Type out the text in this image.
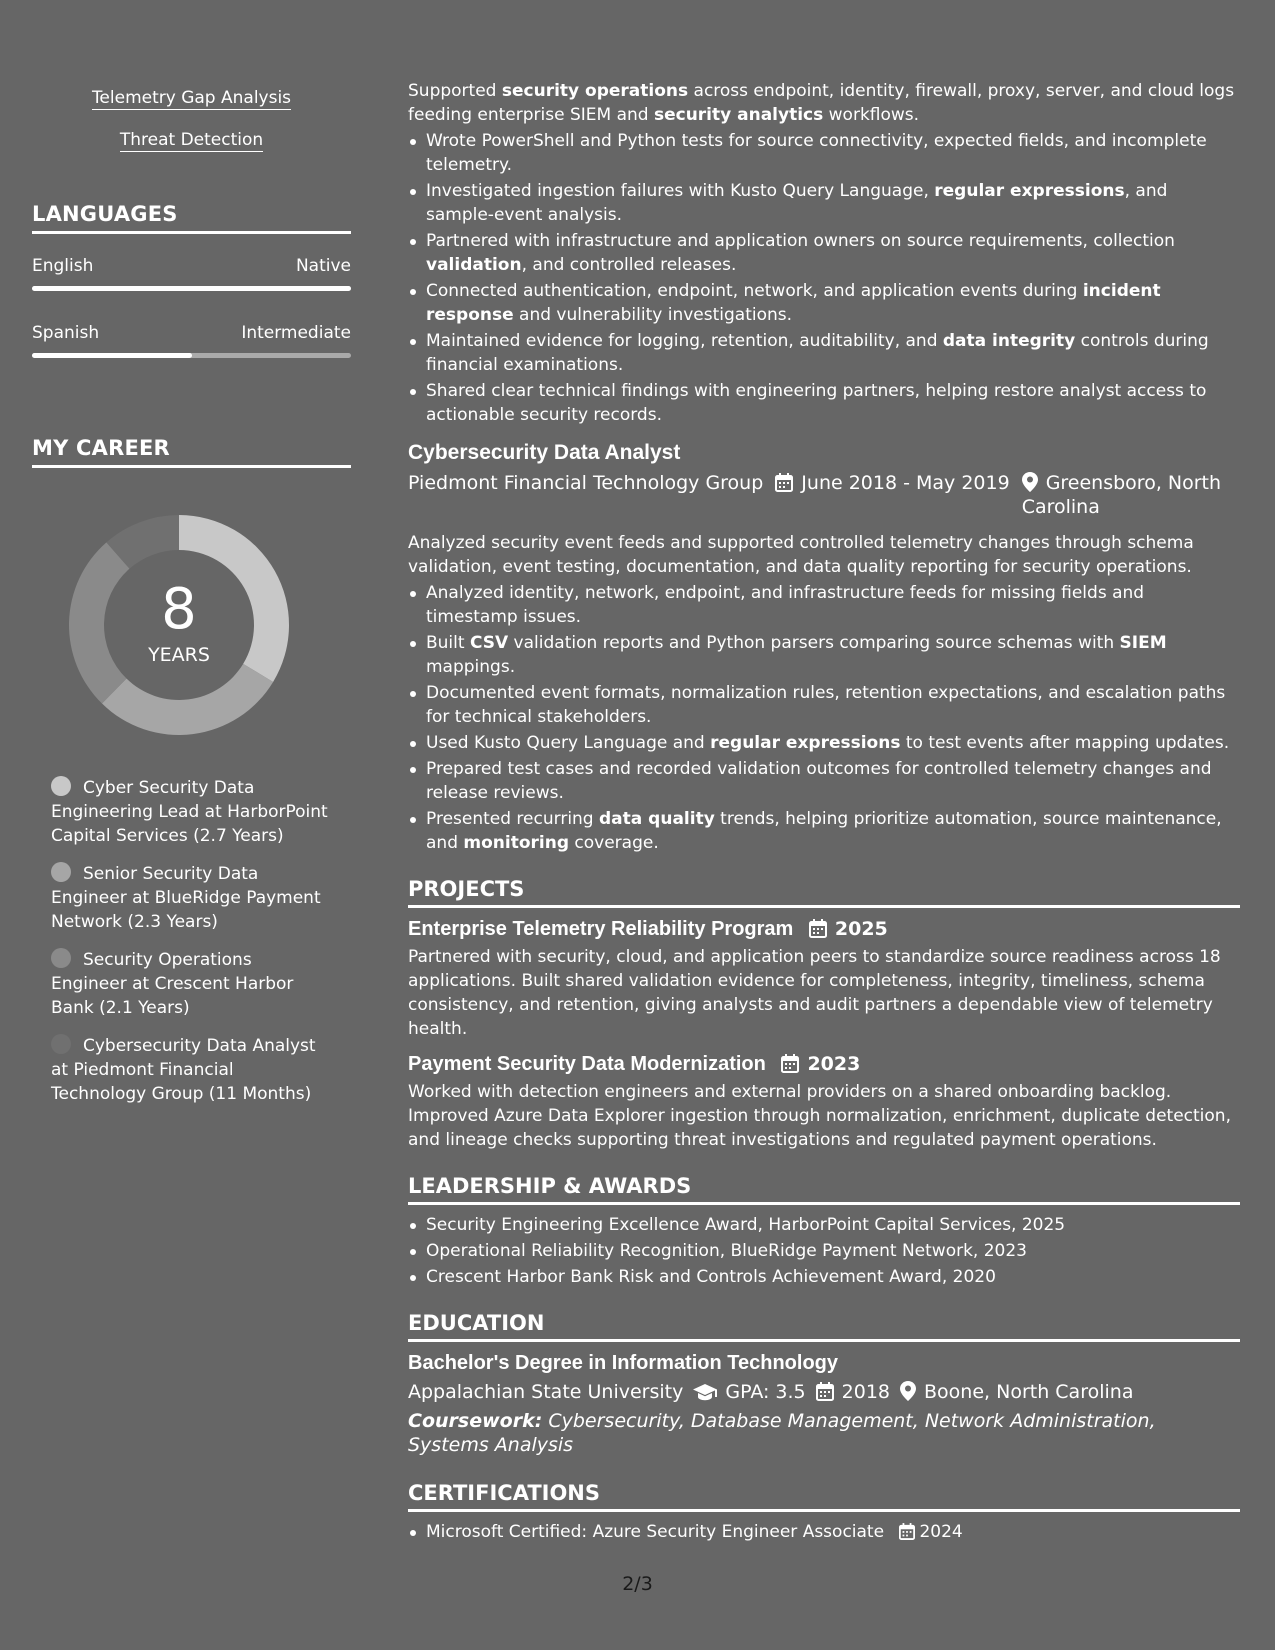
Telemetry Gap Analysis
Threat Detection
LANGUAGES
English	Native
Spanish	Intermediate
MY CAREER
8
YEARS
Cyber Security Data Engineering Lead at HarborPoint Capital Services (2.7 Years)
Senior Security Data Engineer at BlueRidge Payment Network (2.3 Years)
Security Operations Engineer at Crescent Harbor Bank (2.1 Years)
Cybersecurity Data Analyst at Piedmont Financial Technology Group (11 Months)

Supported security operations across endpoint, identity, firewall, proxy, server, and cloud logs feeding enterprise SIEM and security analytics workflows.

Wrote PowerShell and Python tests for source connectivity, expected fields, and incomplete telemetry.
Investigated ingestion failures with Kusto Query Language, regular expressions, and sample-event analysis.
Partnered with infrastructure and application owners on source requirements, collection validation, and controlled releases.
Connected authentication, endpoint, network, and application events during incident response and vulnerability investigations.
Maintained evidence for logging, retention, auditability, and data integrity controls during financial examinations.
Shared clear technical findings with engineering partners, helping restore analyst access to actionable security records.
Cybersecurity Data Analyst
Piedmont Financial Technology Group	June 2018 - May 2019	Greensboro, North Carolina

Analyzed security event feeds and supported controlled telemetry changes through schema validation, event testing, documentation, and data quality reporting for security operations.

Analyzed identity, network, endpoint, and infrastructure feeds for missing fields and timestamp issues.
Built CSV validation reports and Python parsers comparing source schemas with SIEM mappings.
Documented event formats, normalization rules, retention expectations, and escalation paths for technical stakeholders.
Used Kusto Query Language and regular expressions to test events after mapping updates.
Prepared test cases and recorded validation outcomes for controlled telemetry changes and release reviews.
Presented recurring data quality trends, helping prioritize automation, source maintenance, and monitoring coverage.
PROJECTS
Enterprise Telemetry Reliability Program 2025

Partnered with security, cloud, and application peers to standardize source readiness across 18 applications. Built shared validation evidence for completeness, integrity, timeliness, schema consistency, and retention, giving analysts and audit partners a dependable view of telemetry health.

Payment Security Data Modernization 2023

Worked with detection engineers and external providers on a shared onboarding backlog. Improved Azure Data Explorer ingestion through normalization, enrichment, duplicate detection, and lineage checks supporting threat investigations and regulated payment operations.

LEADERSHIP & AWARDS
Security Engineering Excellence Award, HarborPoint Capital Services, 2025
Operational Reliability Recognition, BlueRidge Payment Network, 2023
Crescent Harbor Bank Risk and Controls Achievement Award, 2020
EDUCATION
Bachelor's Degree in Information Technology
Appalachian State University GPA: 3.5 2018 Boone, North Carolina

Coursework: Cybersecurity, Database Management, Network Administration, Systems Analysis

CERTIFICATIONS
Microsoft Certified: Azure Security Engineer Associate 2024
2/3
